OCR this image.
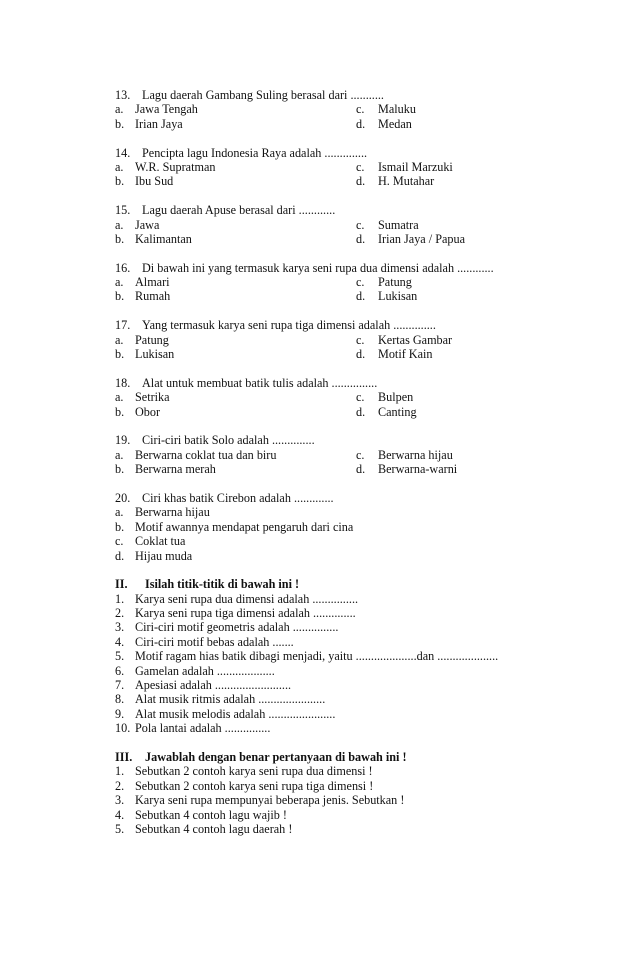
13. Lagu daerah Gambang Suling berasal dari ...........
a. Jawa Tengah	c. Maluku
b. Irian Jaya	d. Medan
14. Pencipta lagu Indonesia Raya adalah ..............
a. W.R. Supratman	c. Ismail Marzuki
b. Ibu Sud	d. H. Mutahar
15. Lagu daerah Apuse berasal dari ............
a. Jawa	c. Sumatra
b. Kalimantan	d. Irian Jaya / Papua
16. Di bawah ini yang termasuk karya seni rupa dua dimensi adalah ............
a. Almari	c. Patung
b. Rumah	d. Lukisan
17. Yang termasuk karya seni rupa tiga dimensi adalah ..............
a. Patung	c. Kertas Gambar
b. Lukisan	d. Motif Kain
18. Alat untuk membuat batik tulis adalah ...............
a. Setrika	c. Bulpen
b. Obor	d. Canting
19. Ciri-ciri batik Solo adalah ..............
a. Berwarna coklat tua dan biru	c. Berwarna hijau
b. Berwarna merah	d. Berwarna-warni
20. Ciri khas batik Cirebon adalah .............
a. Berwarna hijau
b. Motif awannya mendapat pengaruh dari cina
c. Coklat tua
d. Hijau muda
II. Isilah titik-titik di bawah ini !
1. Karya seni rupa dua dimensi adalah ...............
2. Karya seni rupa tiga dimensi adalah ..............
3. Ciri-ciri motif geometris adalah ...............
4. Ciri-ciri motif bebas adalah .......
5. Motif ragam hias batik dibagi menjadi, yaitu ....................dan ....................
6. Gamelan adalah ...................
7. Apesiasi adalah .........................
8. Alat musik ritmis adalah ......................
9. Alat musik melodis adalah ......................
10. Pola lantai adalah ...............
III. Jawablah dengan benar pertanyaan di bawah ini !
1. Sebutkan 2 contoh karya seni rupa dua dimensi !
2. Sebutkan 2 contoh karya seni rupa tiga dimensi !
3. Karya seni rupa mempunyai beberapa jenis. Sebutkan !
4. Sebutkan 4 contoh lagu wajib !
5. Sebutkan 4 contoh lagu daerah !
